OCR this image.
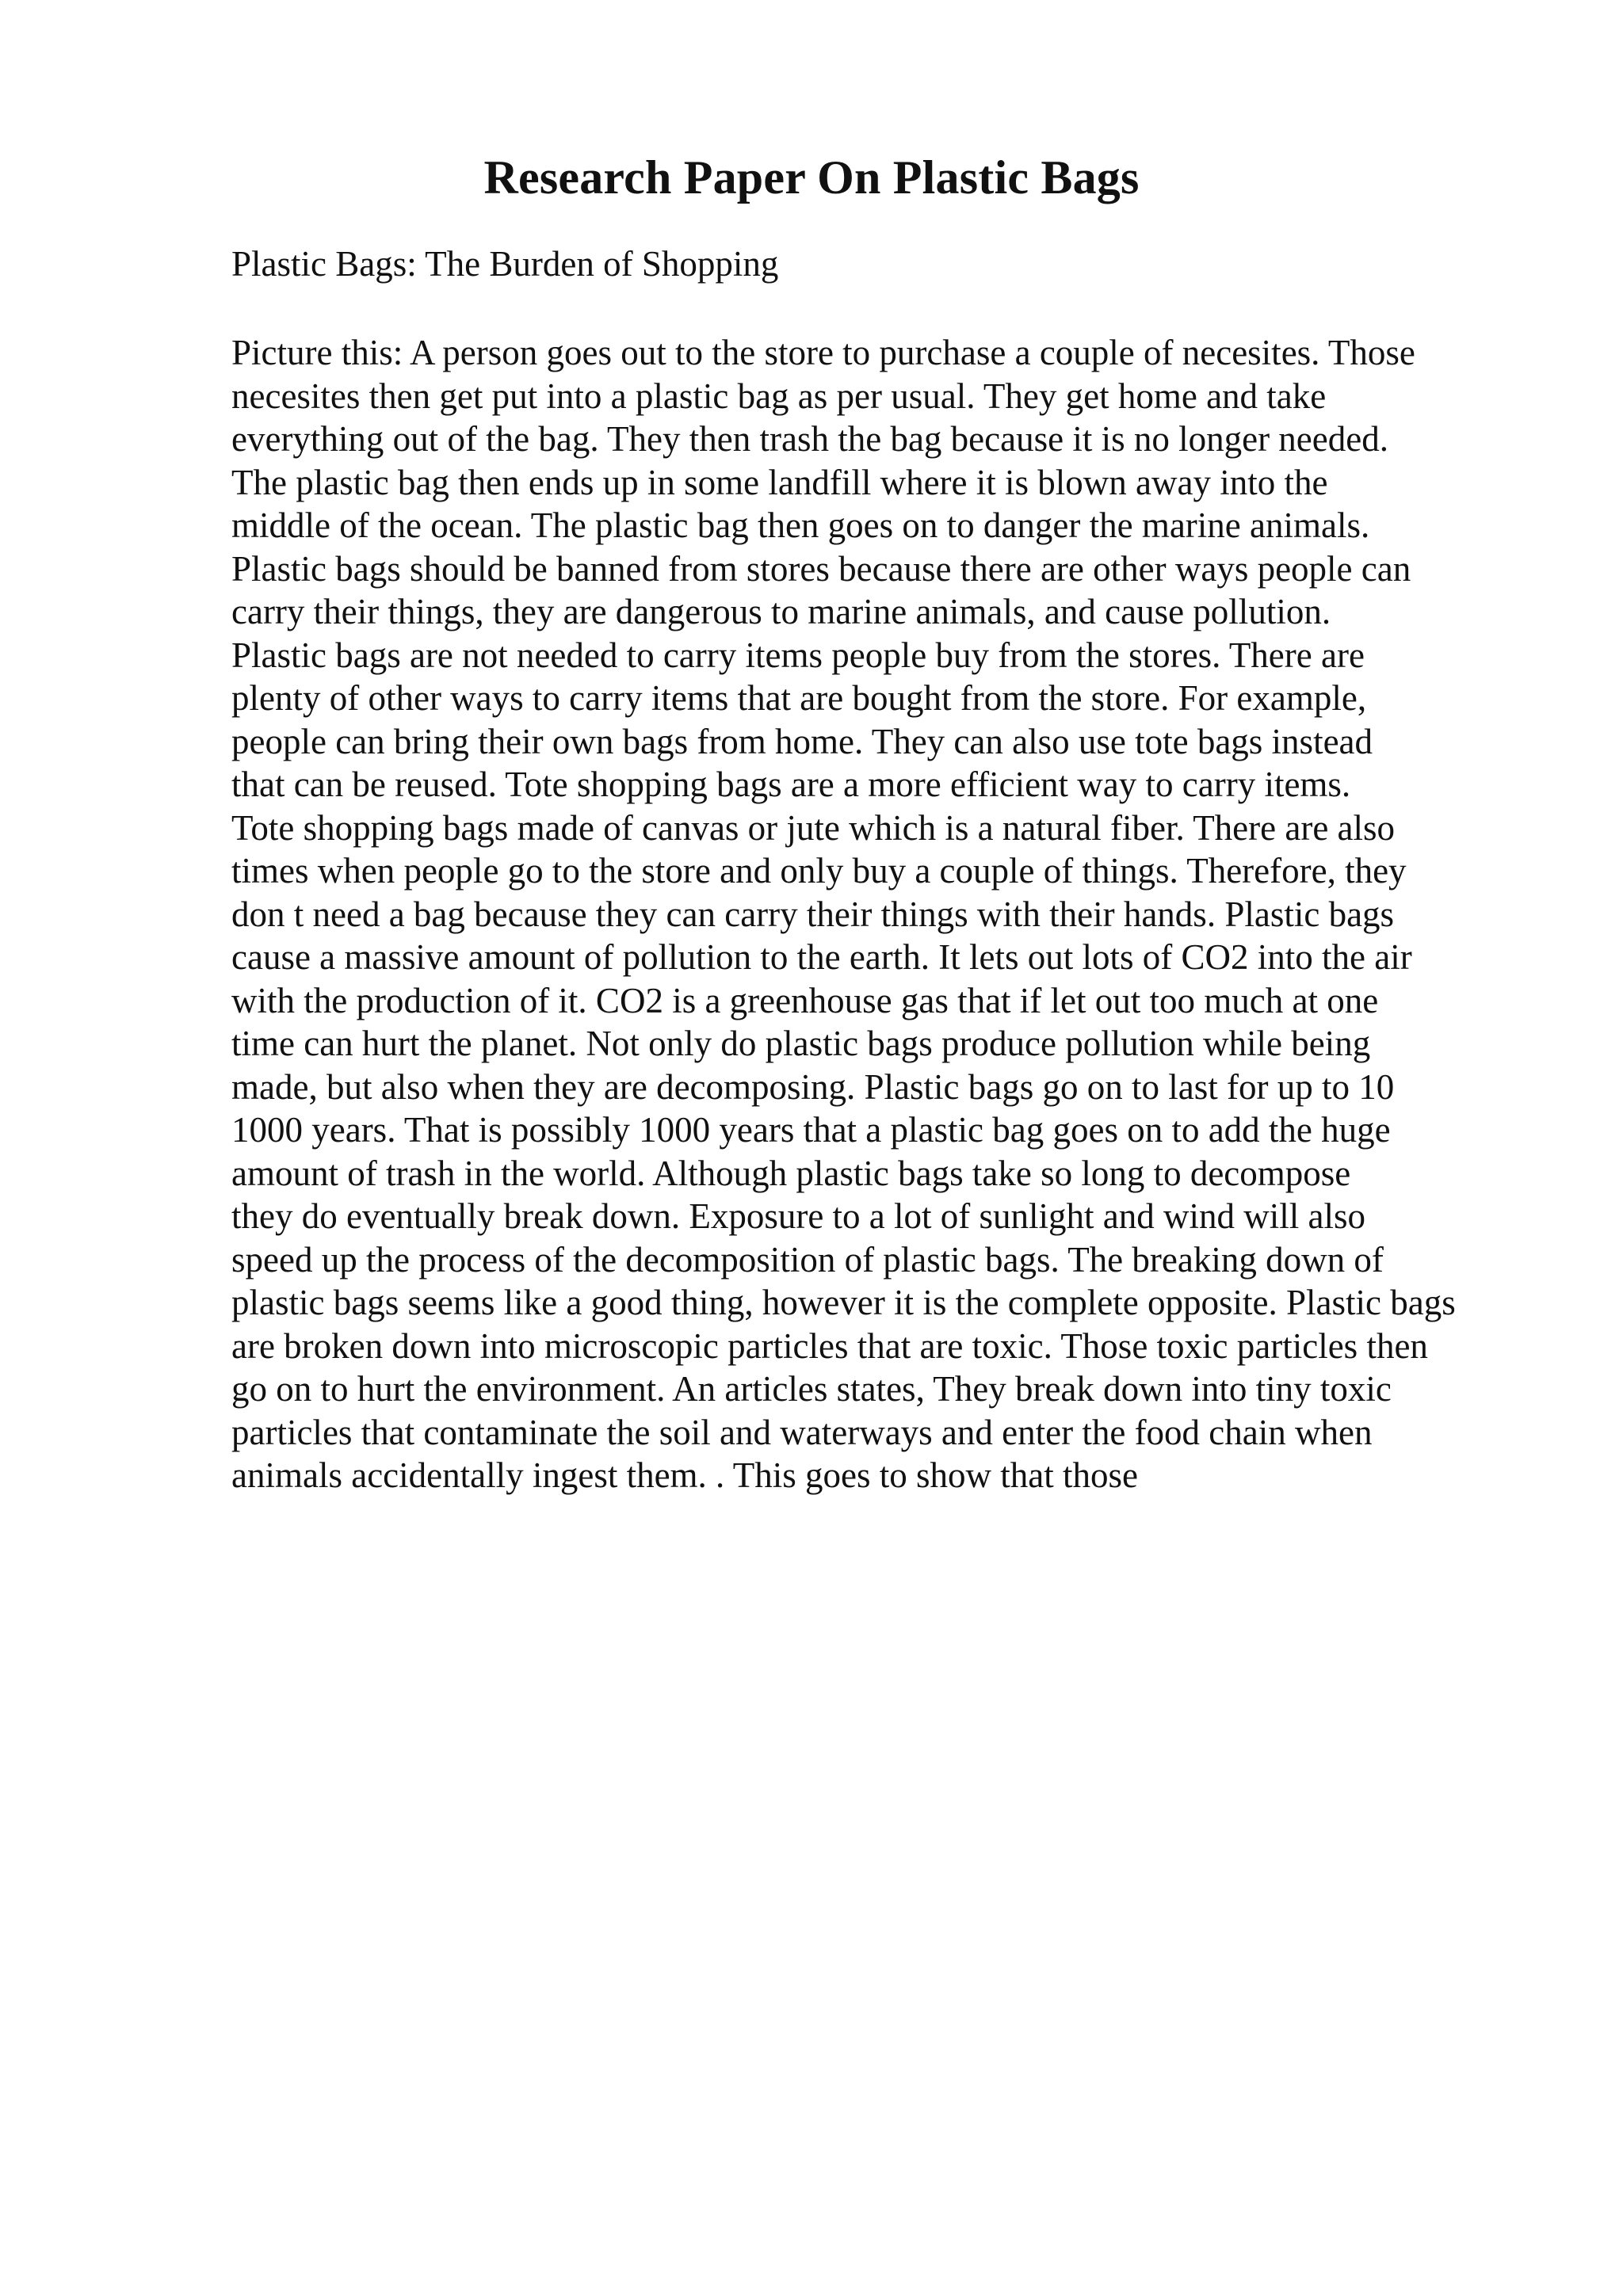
Research Paper On Plastic Bags

Plastic Bags: The Burden of Shopping

Picture this: A person goes out to the store to purchase a couple of necesites. Those
necesites then get put into a plastic bag as per usual. They get home and take
everything out of the bag. They then trash the bag because it is no longer needed.
The plastic bag then ends up in some landfill where it is blown away into the
middle of the ocean. The plastic bag then goes on to danger the marine animals.
Plastic bags should be banned from stores because there are other ways people can
carry their things, they are dangerous to marine animals, and cause pollution.
Plastic bags are not needed to carry items people buy from the stores. There are
plenty of other ways to carry items that are bought from the store. For example,
people can bring their own bags from home. They can also use tote bags instead
that can be reused. Tote shopping bags are a more efficient way to carry items.
Tote shopping bags made of canvas or jute which is a natural fiber. There are also
times when people go to the store and only buy a couple of things. Therefore, they
don t need a bag because they can carry their things with their hands. Plastic bags
cause a massive amount of pollution to the earth. It lets out lots of CO2 into the air
with the production of it. CO2 is a greenhouse gas that if let out too much at one
time can hurt the planet. Not only do plastic bags produce pollution while being
made, but also when they are decomposing. Plastic bags go on to last for up to 10
1000 years. That is possibly 1000 years that a plastic bag goes on to add the huge
amount of trash in the world. Although plastic bags take so long to decompose
they do eventually break down. Exposure to a lot of sunlight and wind will also
speed up the process of the decomposition of plastic bags. The breaking down of
plastic bags seems like a good thing, however it is the complete opposite. Plastic bags
are broken down into microscopic particles that are toxic. Those toxic particles then
go on to hurt the environment. An articles states, They break down into tiny toxic
particles that contaminate the soil and waterways and enter the food chain when
animals accidentally ingest them. . This goes to show that those
